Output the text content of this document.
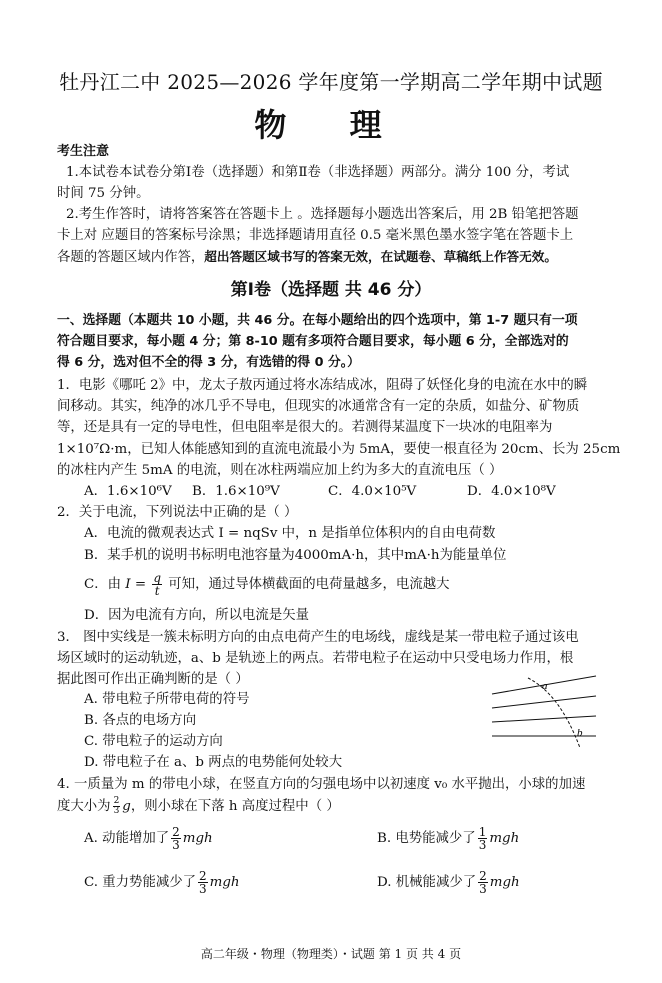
牡丹江二中 2025—2026 学年度第一学期高二学年期中试题
物 理
考生注意
1.本试卷本试卷分第Ⅰ卷（选择题）和第Ⅱ卷（非选择题）两部分。满分 100 分，考试
时间 75 分钟。
2.考生作答时，请将答案答在答题卡上 。选择题每小题选出答案后，用 2B 铅笔把答题
卡上对 应题目的答案标号涂黑；非选择题请用直径 0.5 毫米黑色墨水签字笔在答题卡上
各题的答题区域内作答，超出答题区域书写的答案无效，在试题卷、草稿纸上作答无效。
第Ⅰ卷（选择题 共 46 分）
一、选择题（本题共 10 小题，共 46 分。在每小题给出的四个选项中，第 1-7 题只有一项
符合题目要求，每小题 4 分；第 8-10 题有多项符合题目要求，每小题 6 分，全部选对的
得 6 分，选对但不全的得 3 分，有选错的得 0 分。）
1．电影《哪吒 2》中，龙太子敖丙通过将水冻结成冰，阻碍了妖怪化身的电流在水中的瞬
间移动。其实，纯净的冰几乎不导电，但现实的冰通常含有一定的杂质，如盐分、矿物质
等，还是具有一定的导电性，但电阻率是很大的。若测得某温度下一块冰的电阻率为
1×10⁷Ω·m，已知人体能感知到的直流电流最小为 5mA，要使一根直径为 20cm、长为 25cm
的冰柱内产生 5mA 的电流，则在冰柱两端应加上约为多大的直流电压（ ）
A．1.6×10⁶V B．1.6×10⁹V	C．4.0×10⁵V	D．4.0×10⁸V
2．关于电流，下列说法中正确的是（ ）
A．电流的微观表达式 I = nqSv 中，n 是指单位体积内的自由电荷数
B．某手机的说明书标明电池容量为4000mA·h，其中mA·h为能量单位
C．由 $I = \frac{q}{t}$ 可知，通过导体横截面的电荷量越多，电流越大
D．因为电流有方向，所以电流是矢量
3． 图中实线是一簇未标明方向的由点电荷产生的电场线，虚线是某一带电粒子通过该电
场区域时的运动轨迹，a、b 是轨迹上的两点。若带电粒子在运动中只受电场力作用，根
据此图可作出正确判断的是（ ）
A. 带电粒子所带电荷的符号
B. 各点的电场方向
C. 带电粒子的运动方向
D. 带电粒子在 a、b 两点的电势能何处较大
a
b
4. 一质量为 m 的带电小球，在竖直方向的匀强电场中以初速度 v₀ 水平抛出，小球的加速
度大小为 $\frac{2}{3}$ g，则小球在下落 h 高度过程中（ ）
A. 动能增加了 $\frac{2}{3}$ mgh	B. 电势能减少了 $\frac{1}{3}$ mgh
C. 重力势能减少了 $\frac{2}{3}$ mgh	D. 机械能减少了 $\frac{2}{3}$ mgh
高二年级・物理（物理类）・试题 第 1 页 共 4 页
